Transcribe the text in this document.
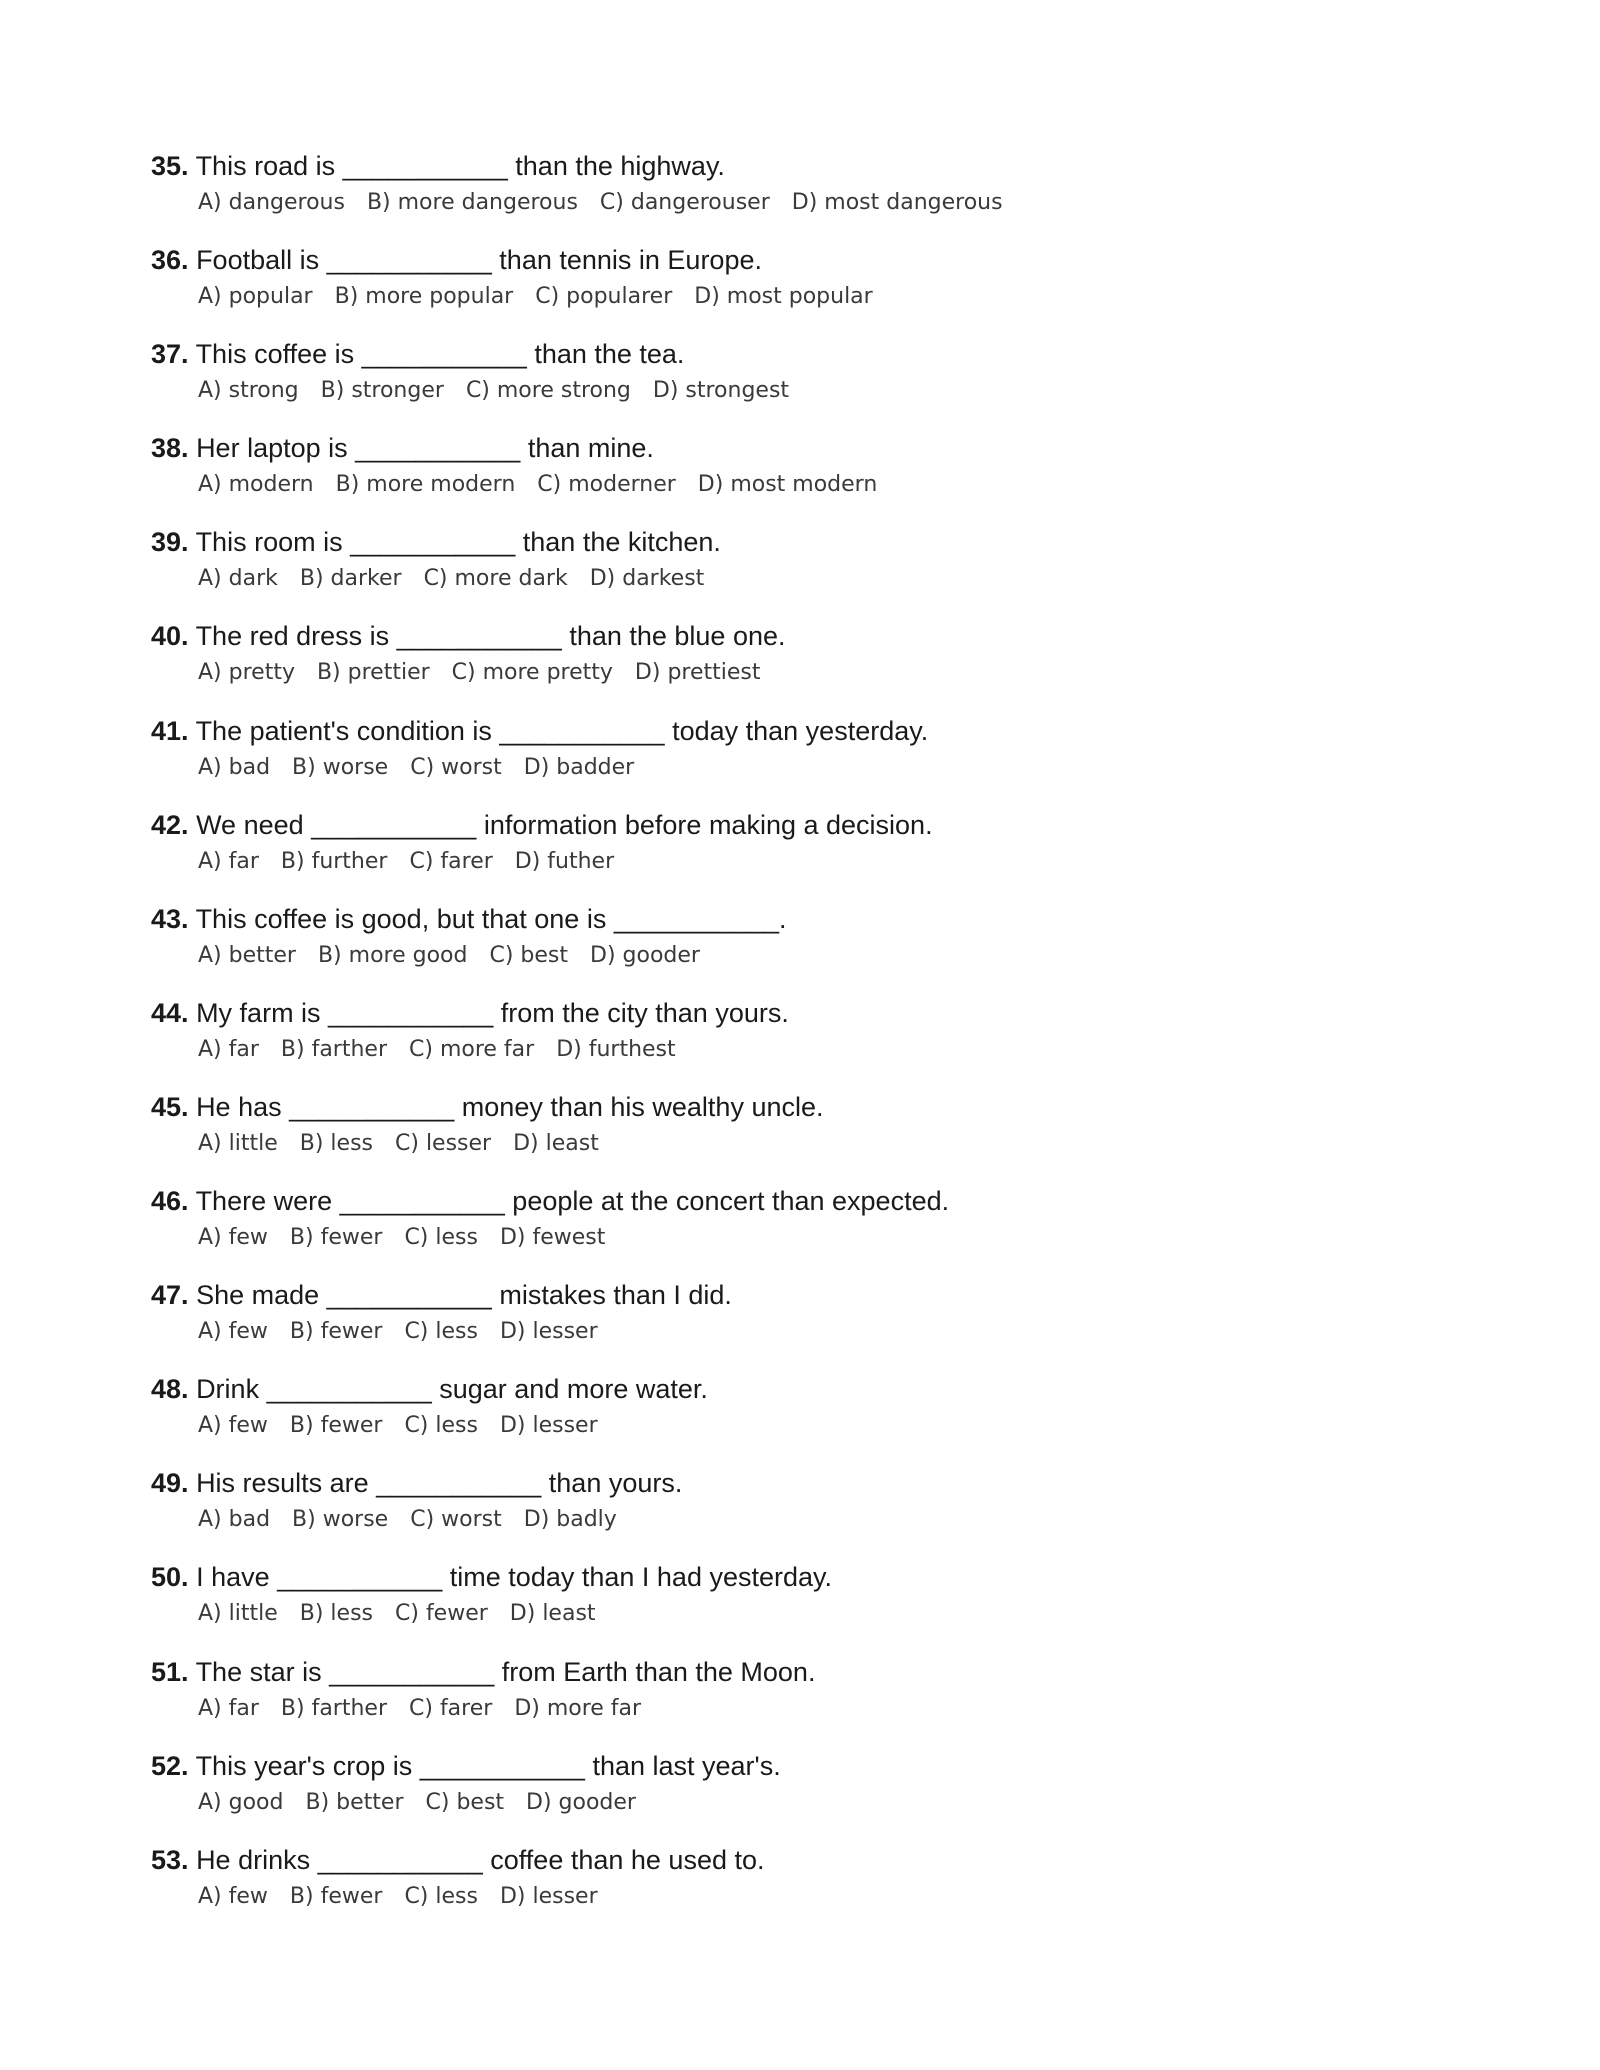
35. This road is ___________ than the highway.
A) dangerous B) more dangerous C) dangerouser D) most dangerous
36. Football is ___________ than tennis in Europe.
A) popular B) more popular C) popularer D) most popular
37. This coffee is ___________ than the tea.
A) strong B) stronger C) more strong D) strongest
38. Her laptop is ___________ than mine.
A) modern B) more modern C) moderner D) most modern
39. This room is ___________ than the kitchen.
A) dark B) darker C) more dark D) darkest
40. The red dress is ___________ than the blue one.
A) pretty B) prettier C) more pretty D) prettiest
41. The patient's condition is ___________ today than yesterday.
A) bad B) worse C) worst D) badder
42. We need ___________ information before making a decision.
A) far B) further C) farer D) futher
43. This coffee is good, but that one is ___________.
A) better B) more good C) best D) gooder
44. My farm is ___________ from the city than yours.
A) far B) farther C) more far D) furthest
45. He has ___________ money than his wealthy uncle.
A) little B) less C) lesser D) least
46. There were ___________ people at the concert than expected.
A) few B) fewer C) less D) fewest
47. She made ___________ mistakes than I did.
A) few B) fewer C) less D) lesser
48. Drink ___________ sugar and more water.
A) few B) fewer C) less D) lesser
49. His results are ___________ than yours.
A) bad B) worse C) worst D) badly
50. I have ___________ time today than I had yesterday.
A) little B) less C) fewer D) least
51. The star is ___________ from Earth than the Moon.
A) far B) farther C) farer D) more far
52. This year's crop is ___________ than last year's.
A) good B) better C) best D) gooder
53. He drinks ___________ coffee than he used to.
A) few B) fewer C) less D) lesser
